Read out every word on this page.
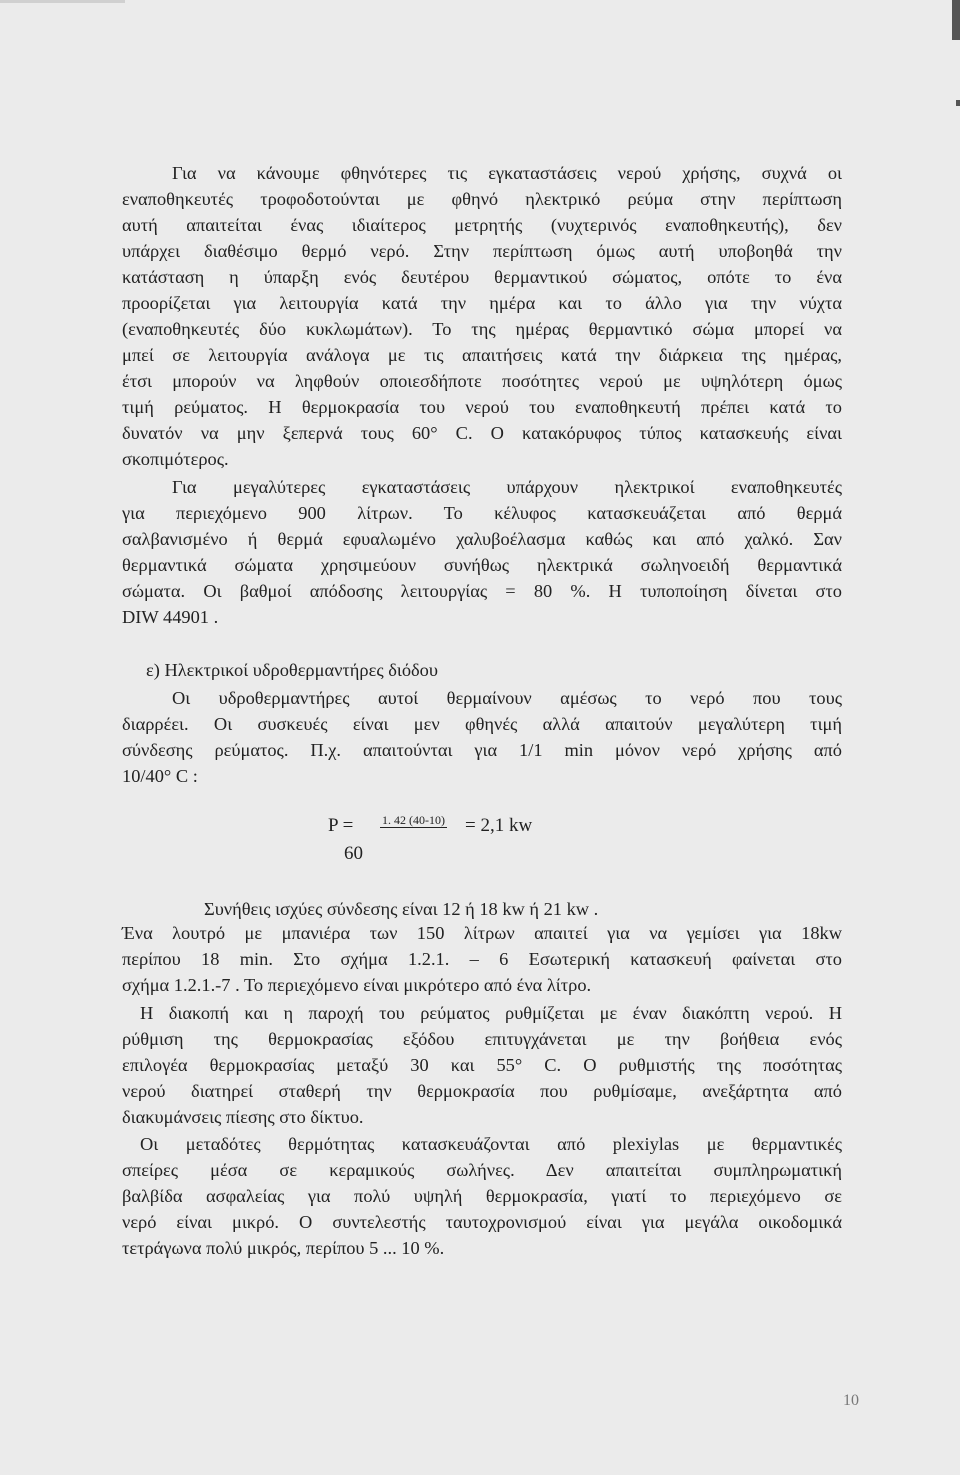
Για να κάνουμε φθηνότερες τις εγκαταστάσεις νερού χρήσης, συχνά οι
εναποθηκευτές τροφοδοτούνται με φθηνό ηλεκτρικό ρεύμα στην περίπτωση
αυτή απαιτείται ένας ιδιαίτερος μετρητής (νυχτερινός εναποθηκευτής), δεν
υπάρχει διαθέσιμο θερμό νερό. Στην περίπτωση όμως αυτή υποβοηθά την
κατάσταση η ύπαρξη ενός δευτέρου θερμαντικού σώματος, οπότε το ένα
προορίζεται για λειτουργία κατά την ημέρα και το άλλο για την νύχτα
(εναποθηκευτές δύο κυκλωμάτων). Το της ημέρας θερμαντικό σώμα μπορεί να
μπεί σε λειτουργία ανάλογα με τις απαιτήσεις κατά την διάρκεια της ημέρας,
έτσι μπορούν να ληφθούν οποιεσδήποτε ποσότητες νερού με υψηλότερη όμως
τιμή ρεύματος. Η θερμοκρασία του νερού του εναποθηκευτή πρέπει κατά το
δυνατόν να μην ξεπερνά τους 60° C. Ο κατακόρυφος τύπος κατασκευής είναι
σκοπιμότερος.
Για μεγαλύτερες εγκαταστάσεις υπάρχουν ηλεκτρικοί εναποθηκευτές
για περιεχόμενο 900 λίτρων. Το κέλυφος κατασκευάζεται από θερμά
σαλβανισμένο ή θερμά εφυαλωμένο χαλυβοέλασμα καθώς και από χαλκό. Σαν
θερμαντικά σώματα χρησιμεύουν συνήθως ηλεκτρικά σωληνοειδή θερμαντικά
σώματα. Οι βαθμοί απόδοσης λειτουργίας = 80 %. Η τυποποίηση δίνεται στο
DIW 44901 .
ε) Ηλεκτρικοί υδροθερμαντήρες διόδου
Οι υδροθερμαντήρες αυτοί θερμαίνουν αμέσως το νερό που τους
διαρρέει. Οι συσκευές είναι μεν φθηνές αλλά απαιτούν μεγαλύτερη τιμή
σύνδεσης ρεύματος. Π.χ. απαιτούνται για 1/1 min μόνον νερό χρήσης από
10/40° C :
P = 1. 42 (40-10) = 2,1 kw
60
Συνήθεις ισχύες σύνδεσης είναι 12 ή 18 kw ή 21 kw .
Ένα λουτρό με μπανιέρα των 150 λίτρων απαιτεί για να γεμίσει για 18kw
περίπου 18 min. Στο σχήμα 1.2.1. – 6 Εσωτερική κατασκευή φαίνεται στο
σχήμα 1.2.1.-7 . Το περιεχόμενο είναι μικρότερο από ένα λίτρο.
Η διακοπή και η παροχή του ρεύματος ρυθμίζεται με έναν διακόπτη νερού. Η
ρύθμιση της θερμοκρασίας εξόδου επιτυγχάνεται με την βοήθεια ενός
επιλογέα θερμοκρασίας μεταξύ 30 και 55° C. Ο ρυθμιστής της ποσότητας
νερού διατηρεί σταθερή την θερμοκρασία που ρυθμίσαμε, ανεξάρτητα από
διακυμάνσεις πίεσης στο δίκτυο.
Οι μεταδότες θερμότητας κατασκευάζονται από plexiylas με θερμαντικές
σπείρες μέσα σε κεραμικούς σωλήνες. Δεν απαιτείται συμπληρωματική
βαλβίδα ασφαλείας για πολύ υψηλή θερμοκρασία, γιατί το περιεχόμενο σε
νερό είναι μικρό. Ο συντελεστής ταυτοχρονισμού είναι για μεγάλα οικοδομικά
τετράγωνα πολύ μικρός, περίπου 5 ... 10 %.
10
